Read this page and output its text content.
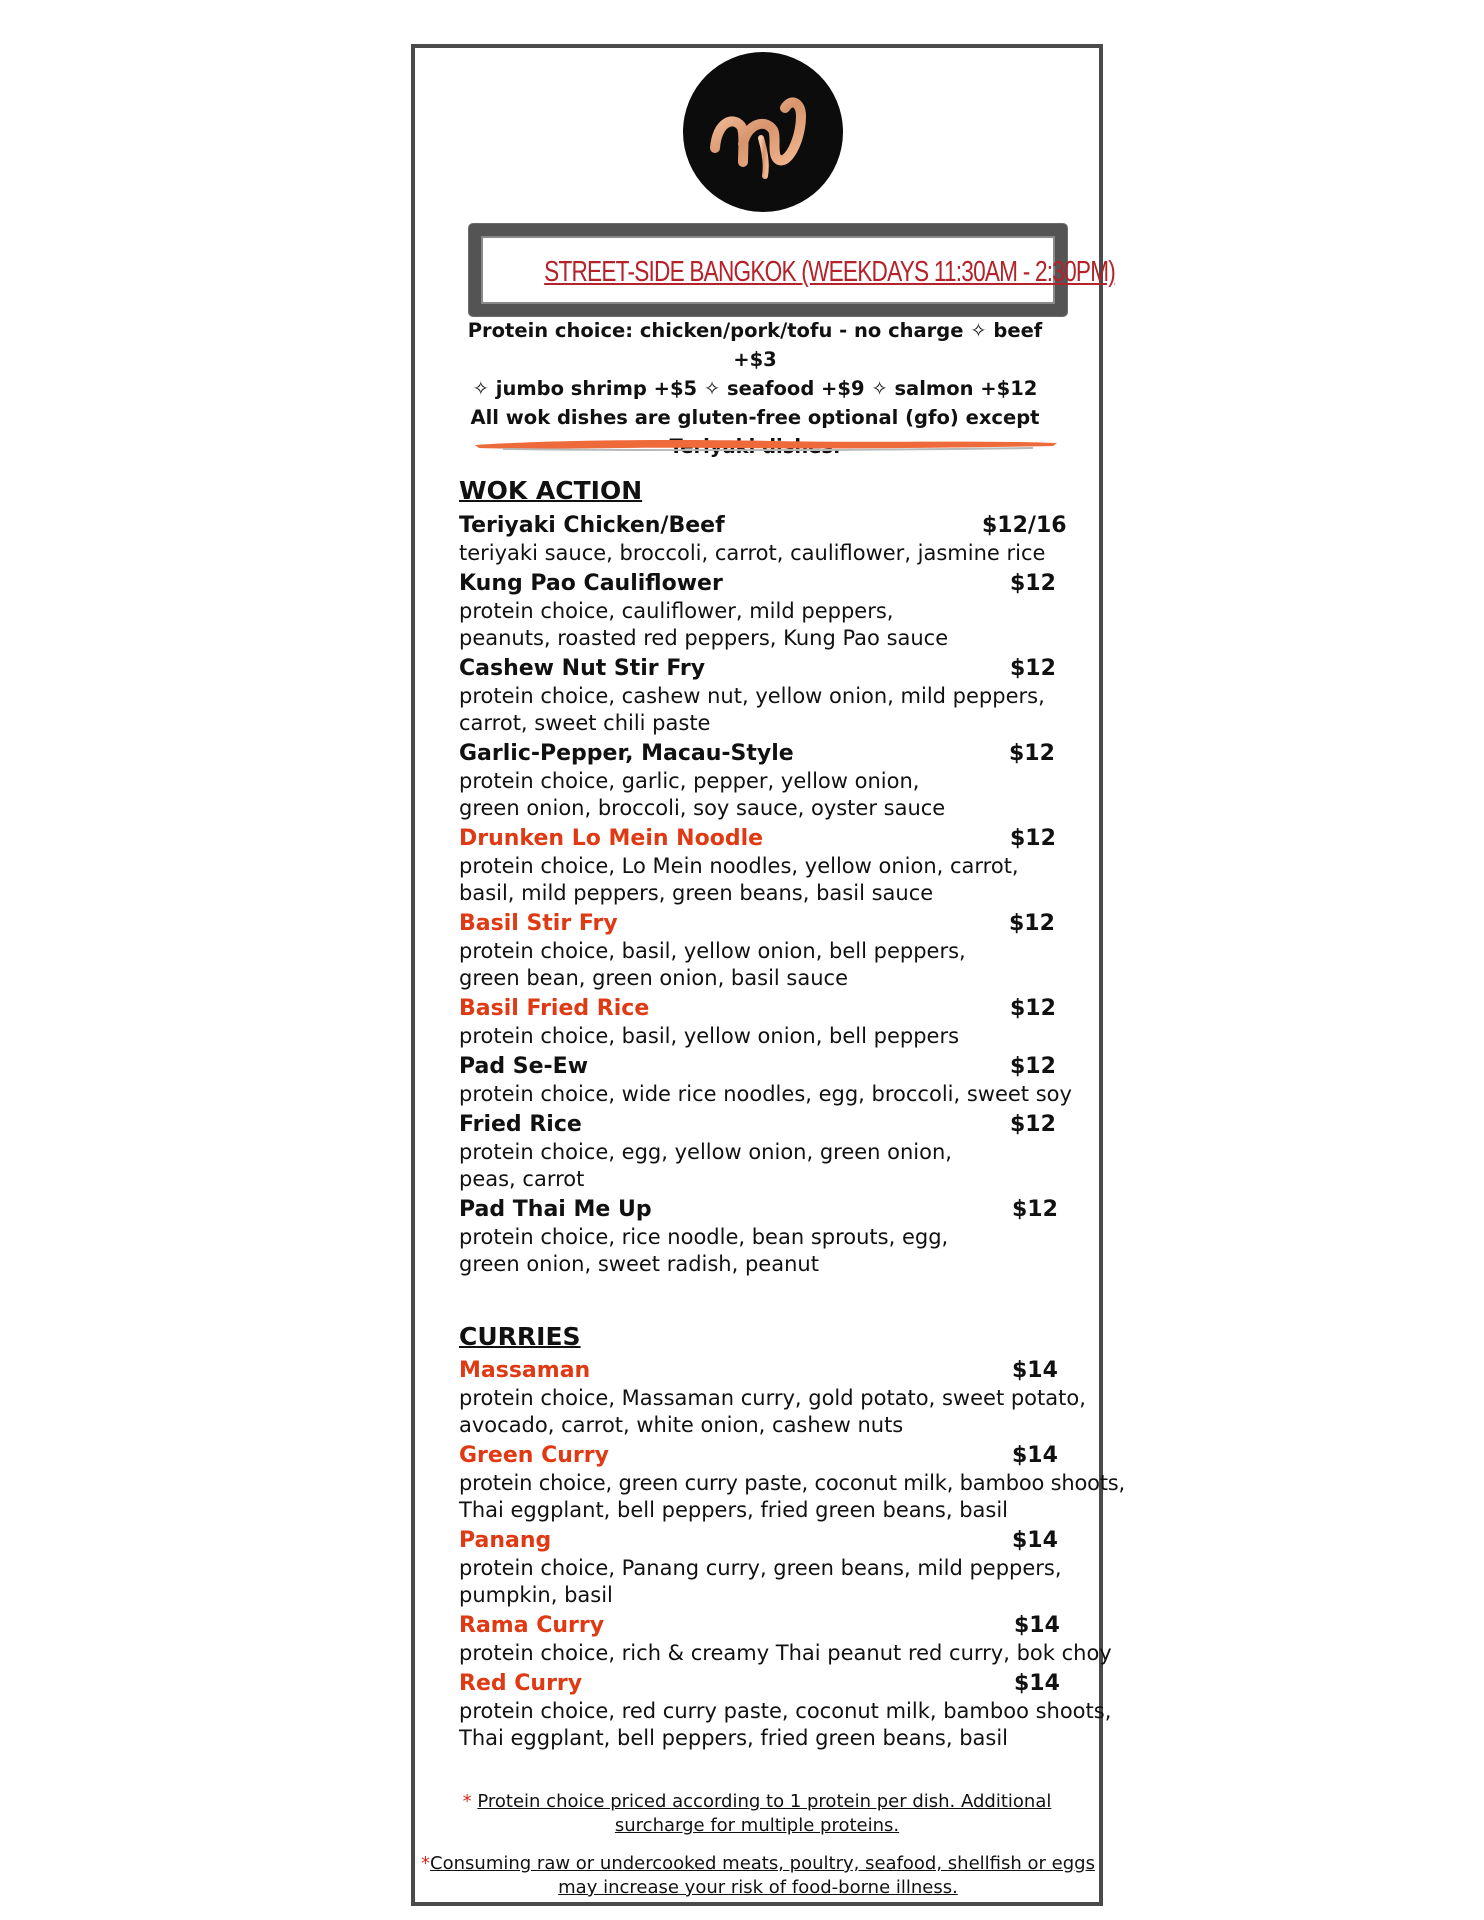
STREET-SIDE BANGKOK (WEEKDAYS 11:30AM - 2:30PM)
Protein choice: chicken/pork/tofu - no charge ✧ beef +$3
✧ jumbo shrimp +$5 ✧ seafood +$9 ✧ salmon +$12
All wok dishes are gluten-free optional (gfo) except
WOK ACTION
Teriyaki Chicken/Beef	$12/16
teriyaki sauce, broccoli, carrot, cauliflower, jasmine rice
Kung Pao Cauliflower	$12
protein choice, cauliflower, mild peppers,
peanuts, roasted red peppers, Kung Pao sauce
Cashew Nut Stir Fry	$12
protein choice, cashew nut, yellow onion, mild peppers,
carrot, sweet chili paste
Garlic-Pepper, Macau-Style	$12
protein choice, garlic, pepper, yellow onion,
green onion, broccoli, soy sauce, oyster sauce
Drunken Lo Mein Noodle	$12
protein choice, Lo Mein noodles, yellow onion, carrot,
basil, mild peppers, green beans, basil sauce
Basil Stir Fry	$12
protein choice, basil, yellow onion, bell peppers,
green bean, green onion, basil sauce
Basil Fried Rice	$12
protein choice, basil, yellow onion, bell peppers
Pad Se-Ew	$12
protein choice, wide rice noodles, egg, broccoli, sweet soy
Fried Rice	$12
protein choice, egg, yellow onion, green onion,
peas, carrot
Pad Thai Me Up	$12
protein choice, rice noodle, bean sprouts, egg,
green onion, sweet radish, peanut
CURRIES
Massaman	$14
protein choice, Massaman curry, gold potato, sweet potato,
avocado, carrot, white onion, cashew nuts
Green Curry	$14
protein choice, green curry paste, coconut milk, bamboo shoots,
Thai eggplant, bell peppers, fried green beans, basil
Panang	$14
protein choice, Panang curry, green beans, mild peppers,
pumpkin, basil
Rama Curry	$14
protein choice, rich & creamy Thai peanut red curry, bok choy
Red Curry	$14
protein choice, red curry paste, coconut milk, bamboo shoots,
Thai eggplant, bell peppers, fried green beans, basil
* Protein choice priced according to 1 protein per dish. Additional
surcharge for multiple proteins.
*Consuming raw or undercooked meats, poultry, seafood, shellfish or eggs
may increase your risk of food-borne illness.
